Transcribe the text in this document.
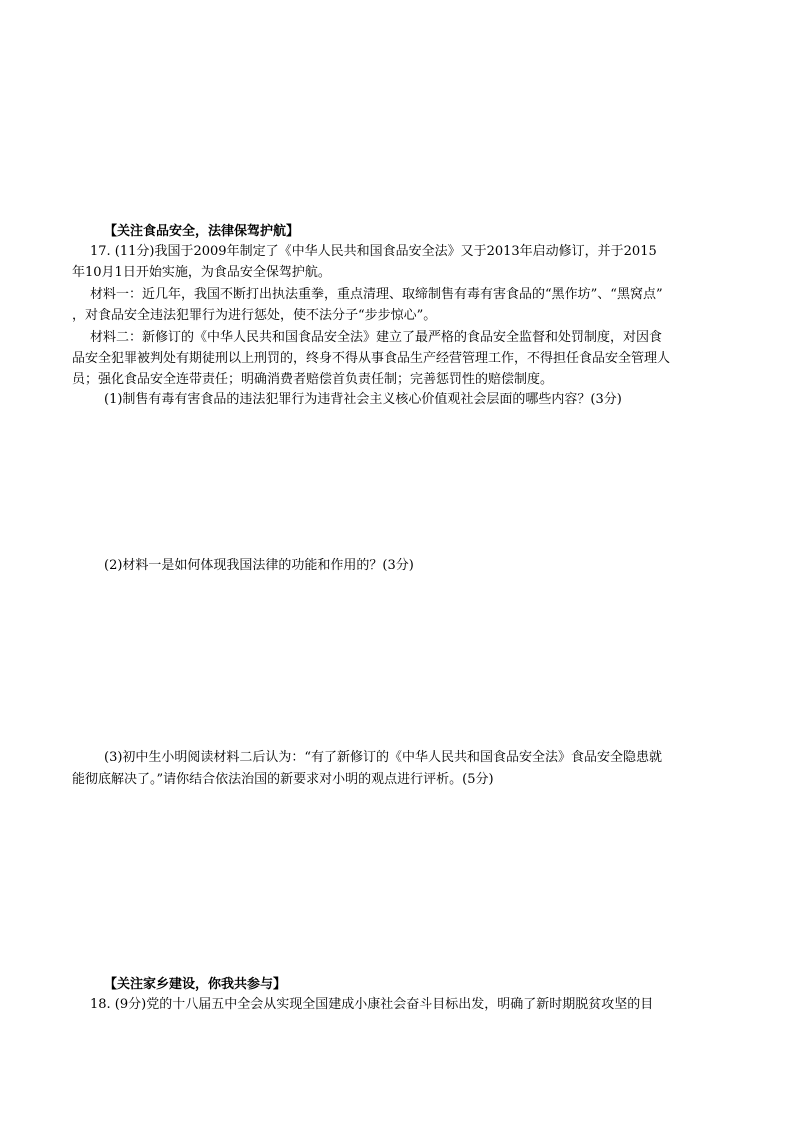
【关注食品安全，法律保驾护航】
17. (11分)我国于2009年制定了《中华人民共和国食品安全法》又于2013年启动修订，并于2015
年10月1日开始实施，为食品安全保驾护航。
材料一：近几年，我国不断打出执法重拳，重点清理、取缔制售有毒有害食品的“黑作坊”、“黑窝点”
，对食品安全违法犯罪行为进行惩处，使不法分子“步步惊心”。
材料二：新修订的《中华人民共和国食品安全法》建立了最严格的食品安全监督和处罚制度，对因食
品安全犯罪被判处有期徒刑以上刑罚的，终身不得从事食品生产经营管理工作，不得担任食品安全管理人
员；强化食品安全连带责任；明确消费者赔偿首负责任制；完善惩罚性的赔偿制度。
(1)制售有毒有害食品的违法犯罪行为违背社会主义核心价值观社会层面的哪些内容？(3分)
(2)材料一是如何体现我国法律的功能和作用的？(3分)
(3)初中生小明阅读材料二后认为：“有了新修订的《中华人民共和国食品安全法》食品安全隐患就
能彻底解决了。”请你结合依法治国的新要求对小明的观点进行评析。(5分)
【关注家乡建设，你我共参与】
18. (9分)党的十八届五中全会从实现全国建成小康社会奋斗目标出发，明确了新时期脱贫攻坚的目
